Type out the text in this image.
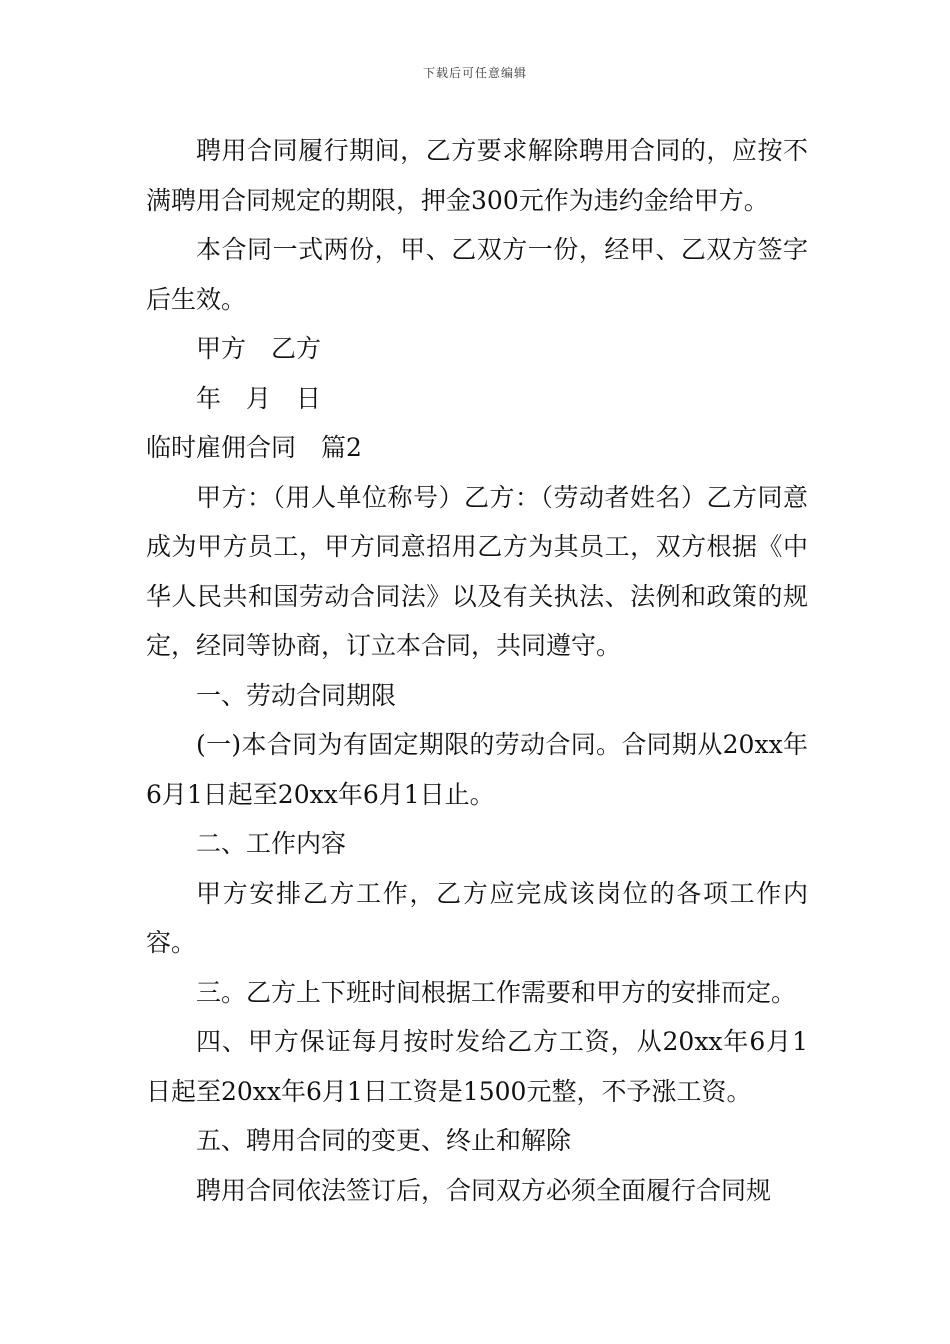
下载后可任意编辑

聘用合同履行期间，乙方要求解除聘用合同的，应按不满聘用合同规定的期限，押金300元作为违约金给甲方。

本合同一式两份，甲、乙双方一份，经甲、乙双方签字后生效。

甲方　乙方

年　月　日

临时雇佣合同　篇2

甲方：（用人单位称号）乙方：（劳动者姓名）乙方同意成为甲方员工，甲方同意招用乙方为其员工，双方根据《中华人民共和国劳动合同法》以及有关执法、法例和政策的规定，经同等协商，订立本合同，共同遵守。

一、劳动合同期限

(一)本合同为有固定期限的劳动合同。合同期从20xx年6月1日起至20xx年6月1日止。

二、工作内容

甲方安排乙方工作，乙方应完成该岗位的各项工作内容。

三。乙方上下班时间根据工作需要和甲方的安排而定。

四、甲方保证每月按时发给乙方工资，从20xx年6月1日起至20xx年6月1日工资是1500元整，不予涨工资。

五、聘用合同的变更、终止和解除

聘用合同依法签订后，合同双方必须全面履行合同规
